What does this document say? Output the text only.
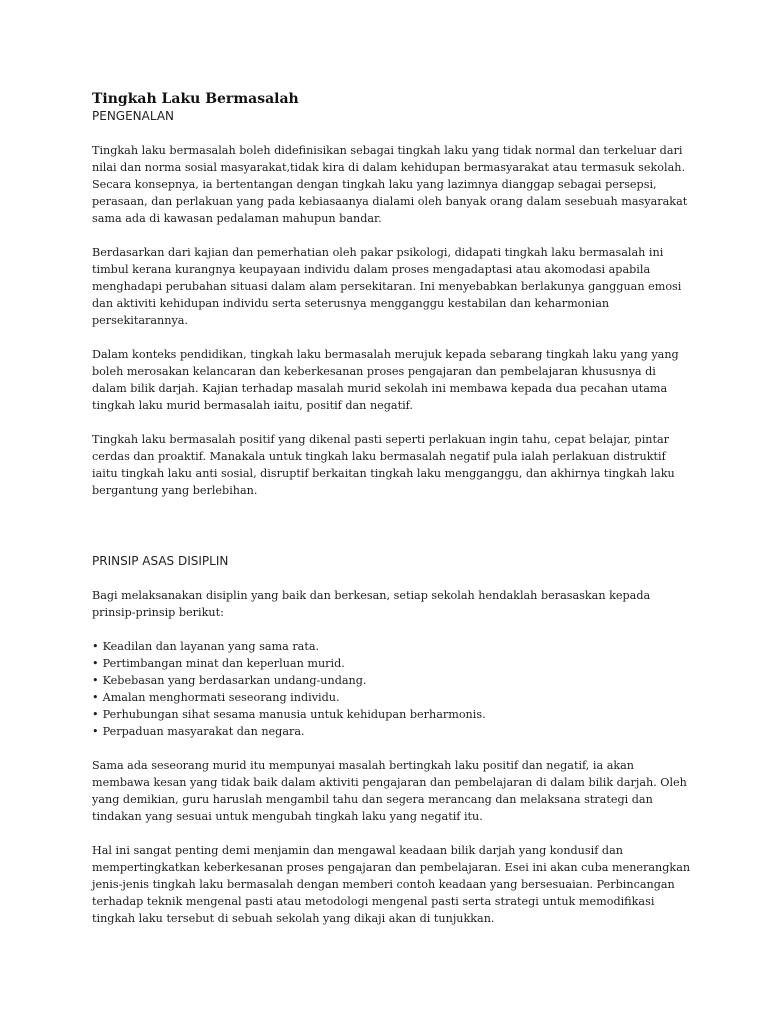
Tingkah Laku Bermasalah
PENGENALAN

Tingkah laku bermasalah boleh didefinisikan sebagai tingkah laku yang tidak normal dan terkeluar dari nilai dan norma sosial masyarakat,tidak kira di dalam kehidupan bermasyarakat atau termasuk sekolah. Secara konsepnya, ia bertentangan dengan tingkah laku yang lazimnya dianggap sebagai persepsi, perasaan, dan perlakuan yang pada kebiasaanya dialami oleh banyak orang dalam sesebuah masyarakat sama ada di kawasan pedalaman mahupun bandar.

Berdasarkan dari kajian dan pemerhatian oleh pakar psikologi, didapati tingkah laku bermasalah ini timbul kerana kurangnya keupayaan individu dalam proses mengadaptasi atau akomodasi apabila menghadapi perubahan situasi dalam alam persekitaran. Ini menyebabkan berlakunya gangguan emosi dan aktiviti kehidupan individu serta seterusnya mengganggu kestabilan dan keharmonian persekitarannya.

Dalam konteks pendidikan, tingkah laku bermasalah merujuk kepada sebarang tingkah laku yang yang boleh merosakan kelancaran dan keberkesanan proses pengajaran dan pembelajaran khususnya di dalam bilik darjah. Kajian terhadap masalah murid sekolah ini membawa kepada dua pecahan utama tingkah laku murid bermasalah iaitu, positif dan negatif.

Tingkah laku bermasalah positif yang dikenal pasti seperti perlakuan ingin tahu, cepat belajar, pintar cerdas dan proaktif. Manakala untuk tingkah laku bermasalah negatif pula ialah perlakuan distruktif iaitu tingkah laku anti sosial, disruptif berkaitan tingkah laku mengganggu, dan akhirnya tingkah laku bergantung yang berlebihan.

PRINSIP ASAS DISIPLIN

Bagi melaksanakan disiplin yang baik dan berkesan, setiap sekolah hendaklah berasaskan kepada prinsip-prinsip berikut:

• Keadilan dan layanan yang sama rata.
• Pertimbangan minat dan keperluan murid.
• Kebebasan yang berdasarkan undang-undang.
• Amalan menghormati seseorang individu.
• Perhubungan sihat sesama manusia untuk kehidupan berharmonis.
• Perpaduan masyarakat dan negara.

Sama ada seseorang murid itu mempunyai masalah bertingkah laku positif dan negatif, ia akan membawa kesan yang tidak baik dalam aktiviti pengajaran dan pembelajaran di dalam bilik darjah. Oleh yang demikian, guru haruslah mengambil tahu dan segera merancang dan melaksana strategi dan tindakan yang sesuai untuk mengubah tingkah laku yang negatif itu.

Hal ini sangat penting demi menjamin dan mengawal keadaan bilik darjah yang kondusif dan mempertingkatkan keberkesanan proses pengajaran dan pembelajaran. Esei ini akan cuba menerangkan jenis-jenis tingkah laku bermasalah dengan memberi contoh keadaan yang bersesuaian. Perbincangan terhadap teknik mengenal pasti atau metodologi mengenal pasti serta strategi untuk memodifikasi tingkah laku tersebut di sebuah sekolah yang dikaji akan di tunjukkan.
